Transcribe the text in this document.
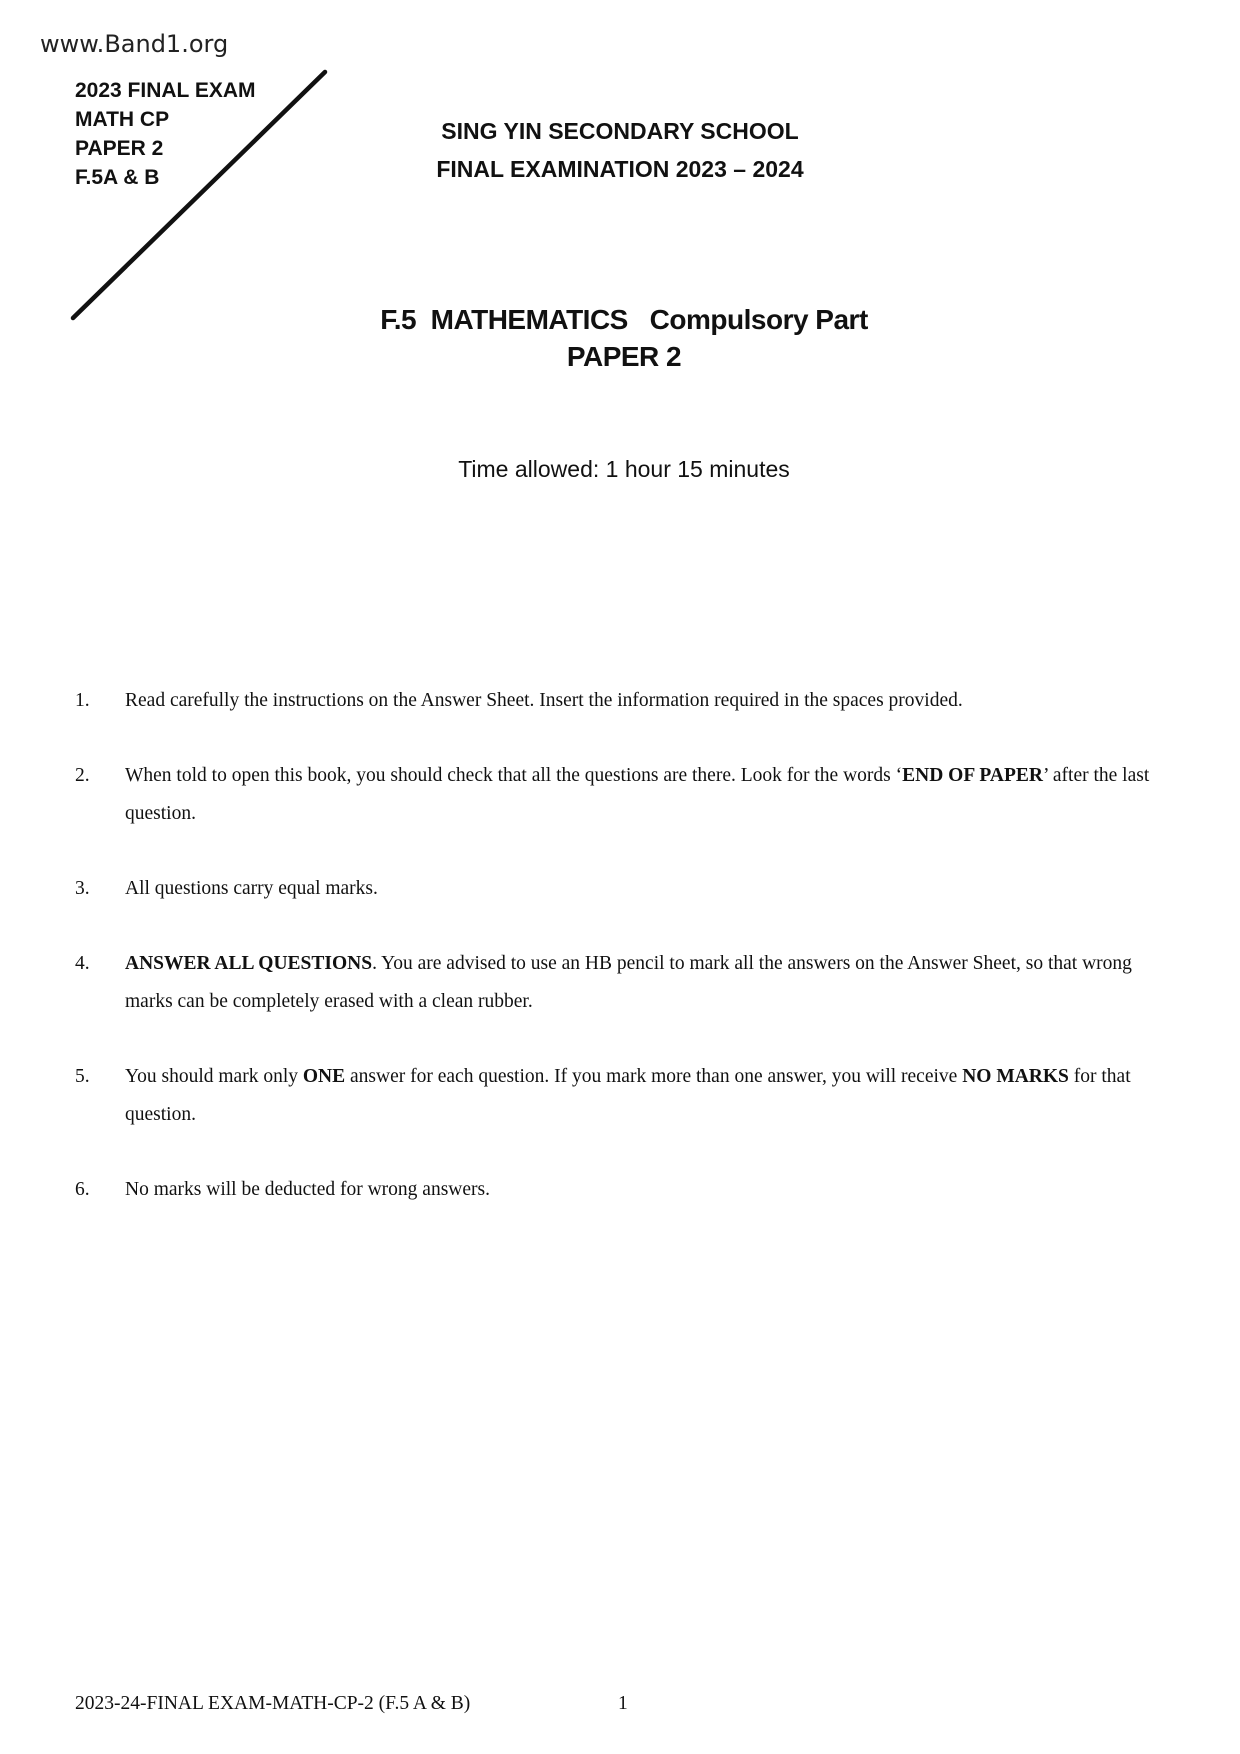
www.Band1.org
2023 FINAL EXAM
MATH CP
PAPER 2
F.5A & B
SING YIN SECONDARY SCHOOL
FINAL EXAMINATION 2023 – 2024
F.5  MATHEMATICS   Compulsory Part
PAPER 2
Time allowed: 1 hour 15 minutes
1. Read carefully the instructions on the Answer Sheet. Insert the information required in the spaces provided.
2. When told to open this book, you should check that all the questions are there. Look for the words ‘END OF PAPER’ after the last question.
3. All questions carry equal marks.
4. ANSWER ALL QUESTIONS. You are advised to use an HB pencil to mark all the answers on the Answer Sheet, so that wrong marks can be completely erased with a clean rubber.
5. You should mark only ONE answer for each question. If you mark more than one answer, you will receive NO MARKS for that question.
6. No marks will be deducted for wrong answers.
2023-24-FINAL EXAM-MATH-CP-2 (F.5 A & B)	1
